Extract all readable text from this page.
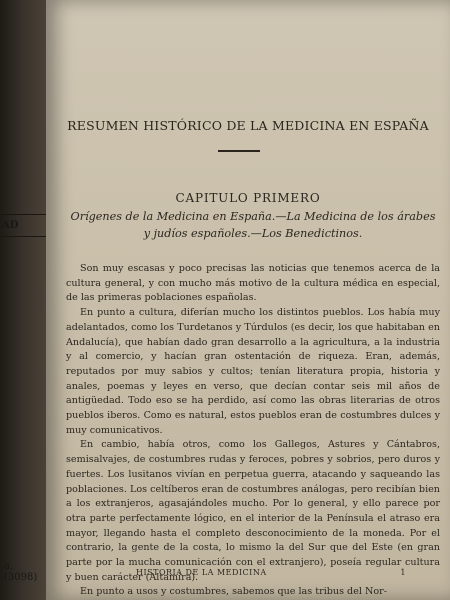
AD
a. (3098)
RESUMEN HISTÓRICO DE LA MEDICINA EN ESPAÑA
CAPITULO PRIMERO
Orígenes de la Medicina en España.—La Medicina de los árabes y judíos españoles.—Los Benedictinos.

Son muy escasas y poco precisas las noticias que tenemos acerca de la cultura general, y con mucho más motivo de la cultura médica en especial, de las primeras poblaciones españolas.

En punto a cultura, diferían mucho los distintos pueblos. Los había muy adelantados, como los Turdetanos y Túrdulos (es decir, los que habitaban en Andalucía), que habían dado gran desarrollo a la agricultura, a la industria y al comercio, y hacían gran ostentación de riqueza. Eran, además, reputados por muy sabios y cultos; tenían literatura propia, historia y anales, poemas y leyes en verso, que decían contar seis mil años de antigüedad. Todo eso se ha perdido, así como las obras literarias de otros pueblos iberos. Como es natural, estos pueblos eran de costumbres dulces y muy comunicativos.

En cambio, había otros, como los Gallegos, Astures y Cántabros, semisalvajes, de costumbres rudas y feroces, pobres y sobrios, pero duros y fuertes. Los lusitanos vivían en perpetua guerra, atacando y saqueando las poblaciones. Los celtíberos eran de costumbres análogas, pero recibían bien a los extranjeros, agasajándoles mucho. Por lo general, y ello parece por otra parte perfectamente lógico, en el interior de la Península el atraso era mayor, llegando hasta el completo desconocimiento de la moneda. Por el contrario, la gente de la costa, lo mismo la del Sur que del Este (en gran parte por la mucha comunicación con el extranjero), poseía regular cultura y buen carácter (Altamira).

En punto a usos y costumbres, sabemos que las tribus del Nor-

HISTORIA DE LA MEDICINA	1
